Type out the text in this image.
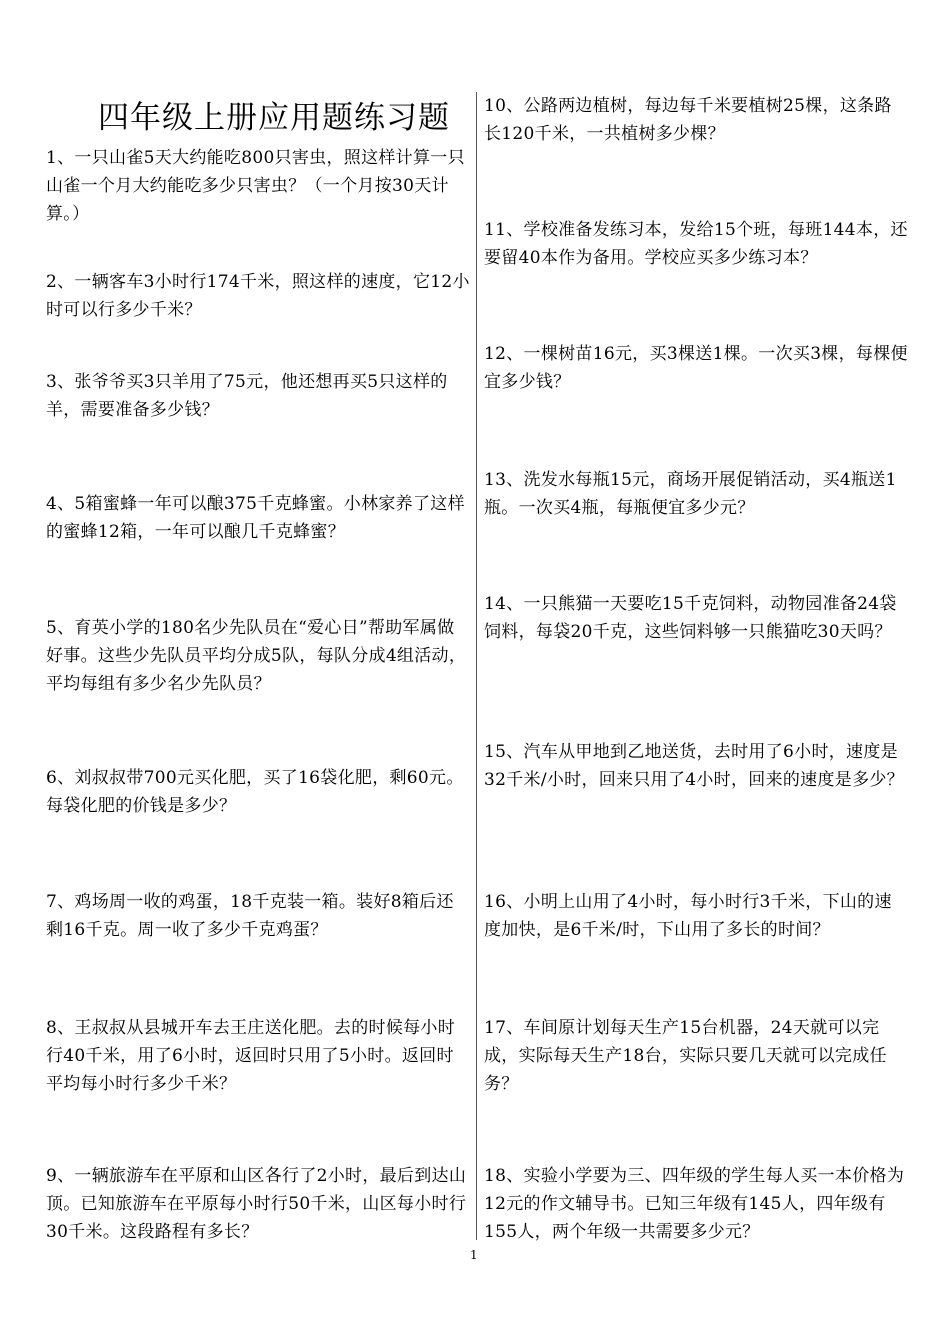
四年级上册应用题练习题
1、一只山雀5天大约能吃800只害虫，照这样计算一只山雀一个月大约能吃多少只害虫？（一个月按30天计算。）
2、一辆客车3小时行174千米，照这样的速度，它12小时可以行多少千米？
3、张爷爷买3只羊用了75元，他还想再买5只这样的羊，需要准备多少钱？
4、5箱蜜蜂一年可以酿375千克蜂蜜。小林家养了这样的蜜蜂12箱，一年可以酿几千克蜂蜜？
5、育英小学的180名少先队员在“爱心日”帮助军属做好事。这些少先队员平均分成5队，每队分成4组活动，平均每组有多少名少先队员？
6、刘叔叔带700元买化肥，买了16袋化肥，剩60元。每袋化肥的价钱是多少？
7、鸡场周一收的鸡蛋，18千克装一箱。装好8箱后还剩16千克。周一收了多少千克鸡蛋？
8、王叔叔从县城开车去王庄送化肥。去的时候每小时行40千米，用了6小时，返回时只用了5小时。返回时平均每小时行多少千米？
9、一辆旅游车在平原和山区各行了2小时，最后到达山顶。已知旅游车在平原每小时行50千米，山区每小时行30千米。这段路程有多长？
10、公路两边植树，每边每千米要植树25棵，这条路长120千米，一共植树多少棵？
11、学校准备发练习本，发给15个班，每班144本，还要留40本作为备用。学校应买多少练习本？
12、一棵树苗16元，买3棵送1棵。一次买3棵，每棵便宜多少钱？
13、洗发水每瓶15元，商场开展促销活动，买4瓶送1瓶。一次买4瓶，每瓶便宜多少元？
14、一只熊猫一天要吃15千克饲料，动物园准备24袋饲料，每袋20千克，这些饲料够一只熊猫吃30天吗？
15、汽车从甲地到乙地送货，去时用了6小时，速度是32千米/小时，回来只用了4小时，回来的速度是多少？
16、小明上山用了4小时，每小时行3千米，下山的速度加快，是6千米/时，下山用了多长的时间？
17、车间原计划每天生产15台机器，24天就可以完成，实际每天生产18台，实际只要几天就可以完成任务？
18、实验小学要为三、四年级的学生每人买一本价格为12元的作文辅导书。已知三年级有145人，四年级有155人，两个年级一共需要多少元？
1
